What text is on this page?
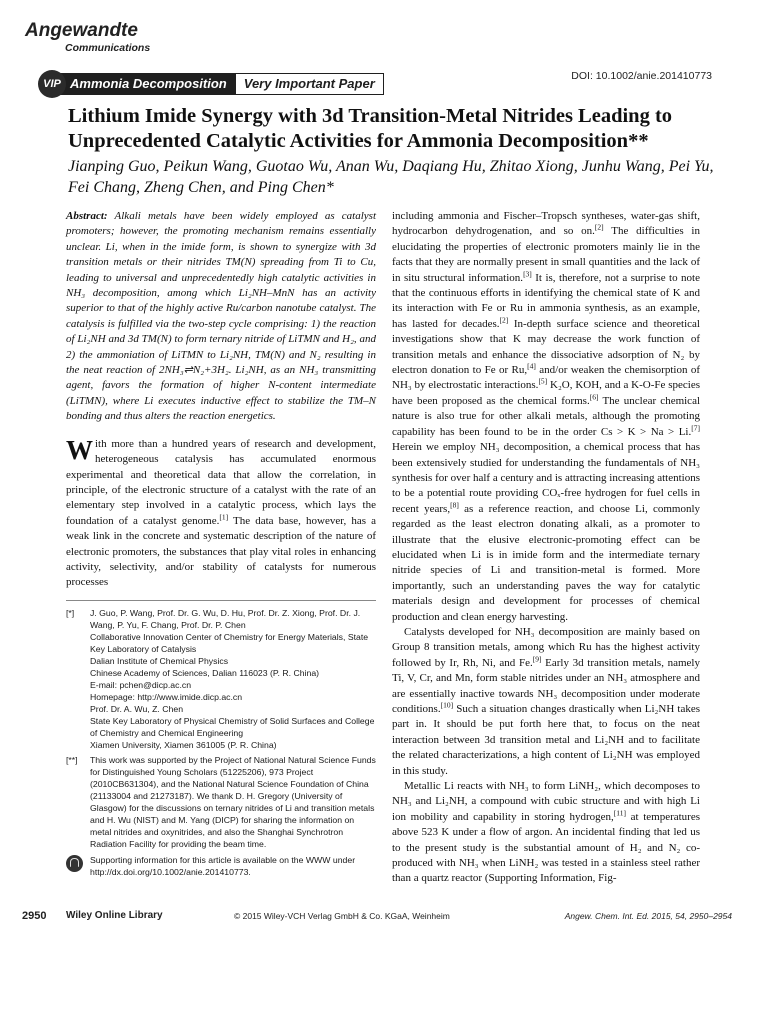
Angewandte
Communications
VIP Ammonia Decomposition	Very Important Paper	DOI: 10.1002/anie.201410773
Lithium Imide Synergy with 3d Transition-Metal Nitrides Leading to Unprecedented Catalytic Activities for Ammonia Decomposition**

Jianping Guo, Peikun Wang, Guotao Wu, Anan Wu, Daqiang Hu, Zhitao Xiong, Junhu Wang, Pei Yu, Fei Chang, Zheng Chen, and Ping Chen*

Abstract: Alkali metals have been widely employed as catalyst promoters; however, the promoting mechanism remains essentially unclear. Li, when in the imide form, is shown to synergize with 3d transition metals or their nitrides TM(N) spreading from Ti to Cu, leading to universal and unprecedentedly high catalytic activities in NH₃ decomposition, among which Li₂NH–MnN has an activity superior to that of the highly active Ru/carbon nanotube catalyst. The catalysis is fulfilled via the two-step cycle comprising: 1) the reaction of Li₂NH and 3d TM(N) to form ternary nitride of LiTMN and H₂, and 2) the ammoniation of LiTMN to Li₂NH, TM(N) and N₂ resulting in the neat reaction of 2NH₃⇌N₂+3H₂. Li₂NH, as an NH₃ transmitting agent, favors the formation of higher N-content intermediate (LiTMN), where Li executes inductive effect to stabilize the TM–N bonding and thus alters the reaction energetics.

With more than a hundred years of research and development, heterogeneous catalysis has accumulated enormous experimental and theoretical data that allow the correlation, in principle, of the electronic structure of a catalyst with the rate of an elementary step involved in a catalytic process, which lays the foundation of a catalyst genome.[1] The data base, however, has a weak link in the concrete and systematic description of the nature of electronic promoters, the substances that play vital roles in enhancing activity, selectivity, and/or stability of catalysts for numerous processes

[*] J. Guo, P. Wang, Prof. Dr. G. Wu, D. Hu, Prof. Dr. Z. Xiong, Prof. Dr. J. Wang, P. Yu, F. Chang, Prof. Dr. P. Chen
Collaborative Innovation Center of Chemistry for Energy Materials, State Key Laboratory of Catalysis
Dalian Institute of Chemical Physics
Chinese Academy of Sciences, Dalian 116023 (P. R. China)
E-mail: pchen@dicp.ac.cn
Homepage: http://www.imide.dicp.ac.cn
Prof. Dr. A. Wu, Z. Chen
State Key Laboratory of Physical Chemistry of Solid Surfaces and College of Chemistry and Chemical Engineering
Xiamen University, Xiamen 361005 (P. R. China)
[**] This work was supported by the Project of National Natural Science Funds for Distinguished Young Scholars (51225206), 973 Project (2010CB631304), and the National Natural Science Foundation of China (21133004 and 21273187). We thank D. H. Gregory (University of Glasgow) for the discussions on ternary nitrides of Li and transition metals and H. Wu (NIST) and M. Yang (DICP) for sharing the information on metal nitrides and oxynitrides, and also the Shanghai Synchrotron Radiation Facility for providing the beam time.
Supporting information for this article is available on the WWW under http://dx.doi.org/10.1002/anie.201410773.

including ammonia and Fischer–Tropsch syntheses, water-gas shift, hydrocarbon dehydrogenation, and so on.[2] The difficulties in elucidating the properties of electronic promoters mainly lie in the facts that they are normally present in small quantities and the lack of in situ structural information.[3] It is, therefore, not a surprise to note that the continuous efforts in identifying the chemical state of K and its interaction with Fe or Ru in ammonia synthesis, as an example, has lasted for decades.[2] In-depth surface science and theoretical investigations show that K may decrease the work function of transition metals and enhance the dissociative adsorption of N₂ by electron donation to Fe or Ru,[4] and/or weaken the chemisorption of NH₃ by electrostatic interactions.[5] K₂O, KOH, and a K-O-Fe species have been proposed as the chemical forms.[6] The unclear chemical nature is also true for other alkali metals, although the promoting capability has been found to be in the order Cs > K > Na > Li.[7] Herein we employ NH₃ decomposition, a chemical process that has been extensively studied for understanding the fundamentals of NH₃ synthesis for over half a century and is attracting increasing attentions to be a potential route providing COₓ-free hydrogen for fuel cells in recent years,[8] as a reference reaction, and choose Li, commonly regarded as the least electron donating alkali, as a promoter to illustrate that the elusive electronic-promoting effect can be elucidated when Li is in imide form and the intermediate ternary nitride species of Li and transition-metal is formed. More importantly, such an understanding paves the way for catalytic materials design and development for processes of chemical production and clean energy harvesting.

Catalysts developed for NH₃ decomposition are mainly based on Group 8 transition metals, among which Ru has the highest activity followed by Ir, Rh, Ni, and Fe.[9] Early 3d transition metals, namely Ti, V, Cr, and Mn, form stable nitrides under an NH₃ atmosphere and are essentially inactive towards NH₃ decomposition under moderate conditions.[10] Such a situation changes drastically when Li₂NH takes part in. It should be put forth here that, to focus on the neat interaction between 3d transition metal and Li₂NH and to facilitate the related characterizations, a high content of Li₂NH was employed in this study.

Metallic Li reacts with NH₃ to form LiNH₂, which decomposes to NH₃ and Li₂NH, a compound with cubic structure and with high Li ion mobility and capability in storing hydrogen,[11] at temperatures above 523 K under a flow of argon. An incidental finding that led us to the present study is the substantial amount of H₂ and N₂ co-produced with NH₃ when LiNH₂ was tested in a stainless steel rather than a quartz reactor (Supporting Information, Fig-

2950 Wiley Online Library	© 2015 Wiley-VCH Verlag GmbH & Co. KGaA, Weinheim	Angew. Chem. Int. Ed. 2015, 54, 2950–2954
